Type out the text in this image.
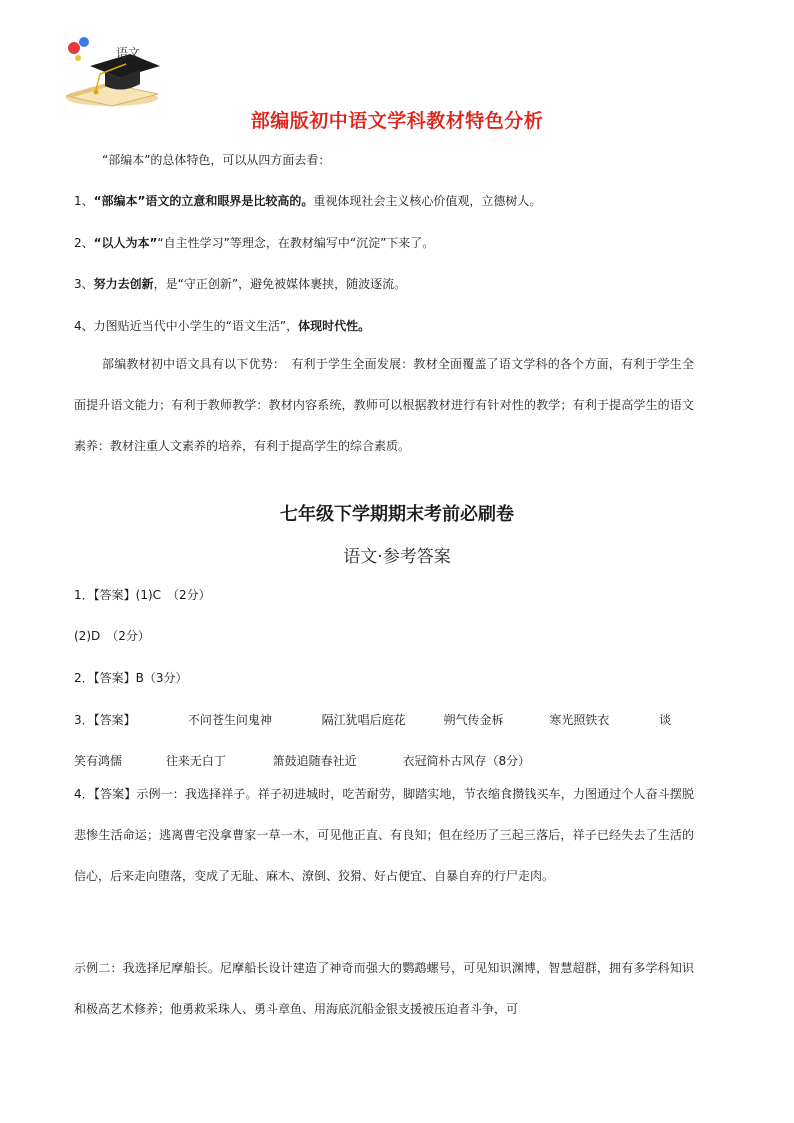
语文
部编版初中语文学科教材特色分析
“部编本”的总体特色，可以从四方面去看：
1、“部编本”语文的立意和眼界是比较高的。重视体现社会主义核心价值观，立德树人。
2、“以人为本”“自主性学习”等理念，在教材编写中“沉淀”下来了。
3、努力去创新，是“守正创新”，避免被媒体裹挟，随波逐流。
4、力图贴近当代中小学生的“语文生活”，体现时代性。
部编教材初中语文具有以下优势：　有利于学生全面发展：教材全面覆盖了语文学科的各个方面，有利于学生全面提升语文能力；有利于教师教学：教材内容系统，教师可以根据教材进行有针对性的教学；有利于提高学生的语文素养：教材注重人文素养的培养，有利于提高学生的综合素质。
七年级下学期期末考前必刷卷
语文·参考答案
1．【答案】(1)C　（2分）
(2)D　（2分）
2．【答案】B（3分）
3．【答案】	不问苍生问鬼神	隔江犹唱后庭花	朔气传金柝	寒光照铁衣	谈
笑有鸿儒	往来无白丁	箫鼓追随春社近	衣冠简朴古风存（8分）
4．【答案】示例一：我选择祥子。祥子初进城时，吃苦耐劳，脚踏实地，节衣缩食攒钱买车，力图通过个人奋斗摆脱悲惨生活命运；逃离曹宅没拿曹家一草一木，可见他正直、有良知；但在经历了三起三落后，祥子已经失去了生活的信心，后来走向堕落，变成了无耻、麻木、潦倒、狡猾、好占便宜、自暴自弃的行尸走肉。
示例二：我选择尼摩船长。尼摩船长设计建造了神奇而强大的鹦鹉螺号，可见知识渊博，智慧超群，拥有多学科知识和极高艺术修养；他勇救采珠人、勇斗章鱼、用海底沉船金银支援被压迫者斗争，可
